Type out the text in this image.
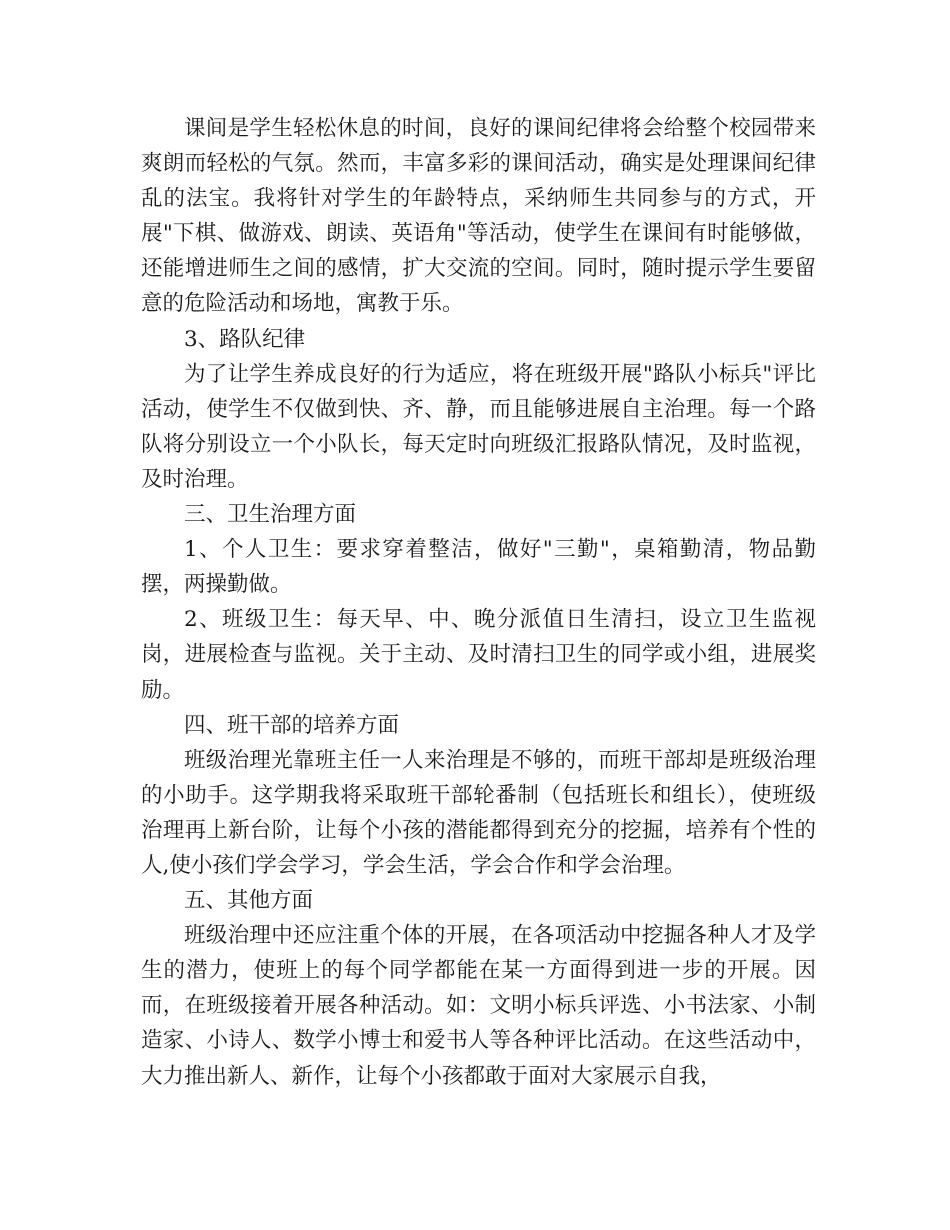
课间是学生轻松休息的时间，良好的课间纪律将会给整个校园带来爽朗而轻松的气氛。然而，丰富多彩的课间活动，确实是处理课间纪律乱的法宝。我将针对学生的年龄特点，采纳师生共同参与的方式，开展"下棋、做游戏、朗读、英语角"等活动，使学生在课间有时能够做，还能增进师生之间的感情，扩大交流的空间。同时，随时提示学生要留意的危险活动和场地，寓教于乐。

3、路队纪律

为了让学生养成良好的行为适应，将在班级开展"路队小标兵"评比活动，使学生不仅做到快、齐、静，而且能够进展自主治理。每一个路队将分别设立一个小队长，每天定时向班级汇报路队情况，及时监视，及时治理。

三、卫生治理方面

1、个人卫生：要求穿着整洁，做好"三勤"，桌箱勤清，物品勤摆，两操勤做。

2、班级卫生：每天早、中、晚分派值日生清扫，设立卫生监视岗，进展检查与监视。关于主动、及时清扫卫生的同学或小组，进展奖励。

四、班干部的培养方面

班级治理光靠班主任一人来治理是不够的，而班干部却是班级治理的小助手。这学期我将采取班干部轮番制（包括班长和组长），使班级治理再上新台阶，让每个小孩的潜能都得到充分的挖掘，培养有个性的人,使小孩们学会学习，学会生活，学会合作和学会治理。

五、其他方面

班级治理中还应注重个体的开展，在各项活动中挖掘各种人才及学生的潜力，使班上的每个同学都能在某一方面得到进一步的开展。因而，在班级接着开展各种活动。如：文明小标兵评选、小书法家、小制造家、小诗人、数学小博士和爱书人等各种评比活动。在这些活动中，大力推出新人、新作，让每个小孩都敢于面对大家展示自我，
